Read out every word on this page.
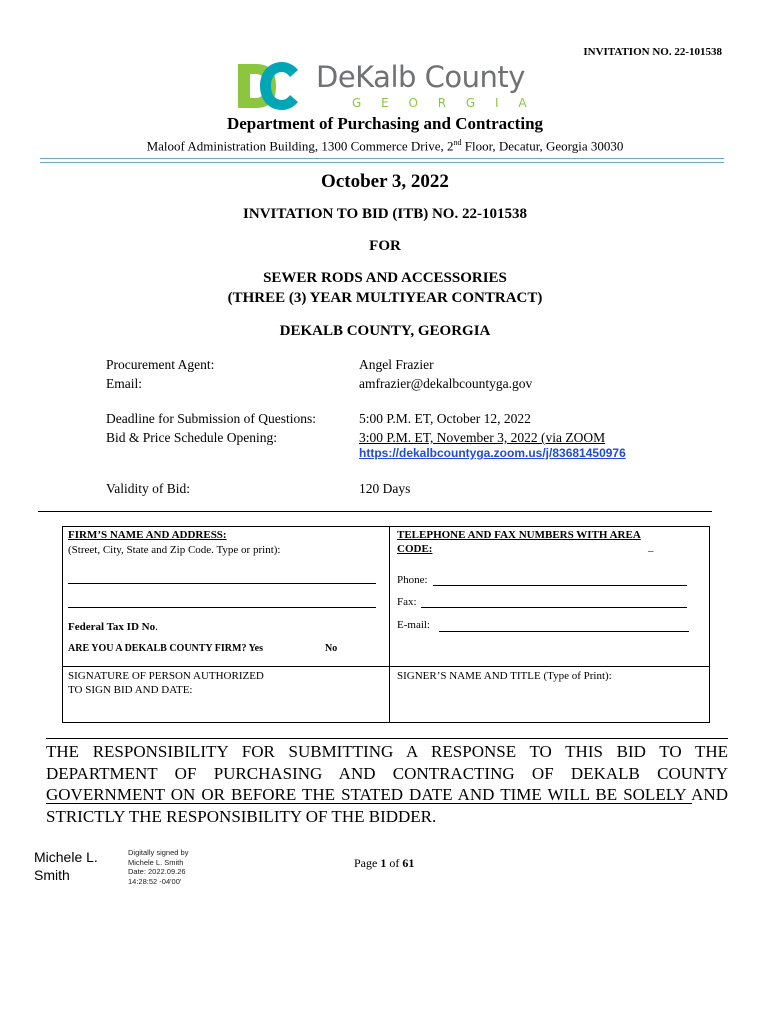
INVITATION NO. 22-101538
DeKalb County
G E O R G I A
Department of Purchasing and Contracting
Maloof Administration Building, 1300 Commerce Drive, 2nd Floor, Decatur, Georgia 30030
October 3, 2022
INVITATION TO BID (ITB) NO. 22-101538
FOR
SEWER RODS AND ACCESSORIES
(THREE (3) YEAR MULTIYEAR CONTRACT)
DEKALB COUNTY, GEORGIA
Procurement Agent:	Angel Frazier
Email:	amfrazier@dekalbcountyga.gov
Deadline for Submission of Questions:	5:00 P.M. ET, October 12, 2022
Bid & Price Schedule Opening:	3:00 P.M. ET, November 3, 2022 (via ZOOM
https://dekalbcountyga.zoom.us/j/83681450976
Validity of Bid:	120 Days
FIRM’S NAME AND ADDRESS:
(Street, City, State and Zip Code. Type or print):
Federal Tax ID No.
ARE YOU A DEKALB COUNTY FIRM? Yes	No
TELEPHONE AND FAX NUMBERS WITH AREA
CODE:	–
Phone:
Fax:
E-mail:
SIGNATURE OF PERSON AUTHORIZED
TO SIGN BID AND DATE:
SIGNER’S NAME AND TITLE (Type of Print):
THE RESPONSIBILITY FOR SUBMITTING A RESPONSE TO THIS BID TO THE DEPARTMENT OF PURCHASING AND CONTRACTING OF DEKALB COUNTY GOVERNMENT ON OR BEFORE THE STATED DATE AND TIME WILL BE SOLELY AND STRICTLY THE RESPONSIBILITY OF THE BIDDER.
Michele L.
Smith
Digitally signed by
Michele L. Smith
Date: 2022.09.26
14:28:52 -04'00'
Page 1 of 61
